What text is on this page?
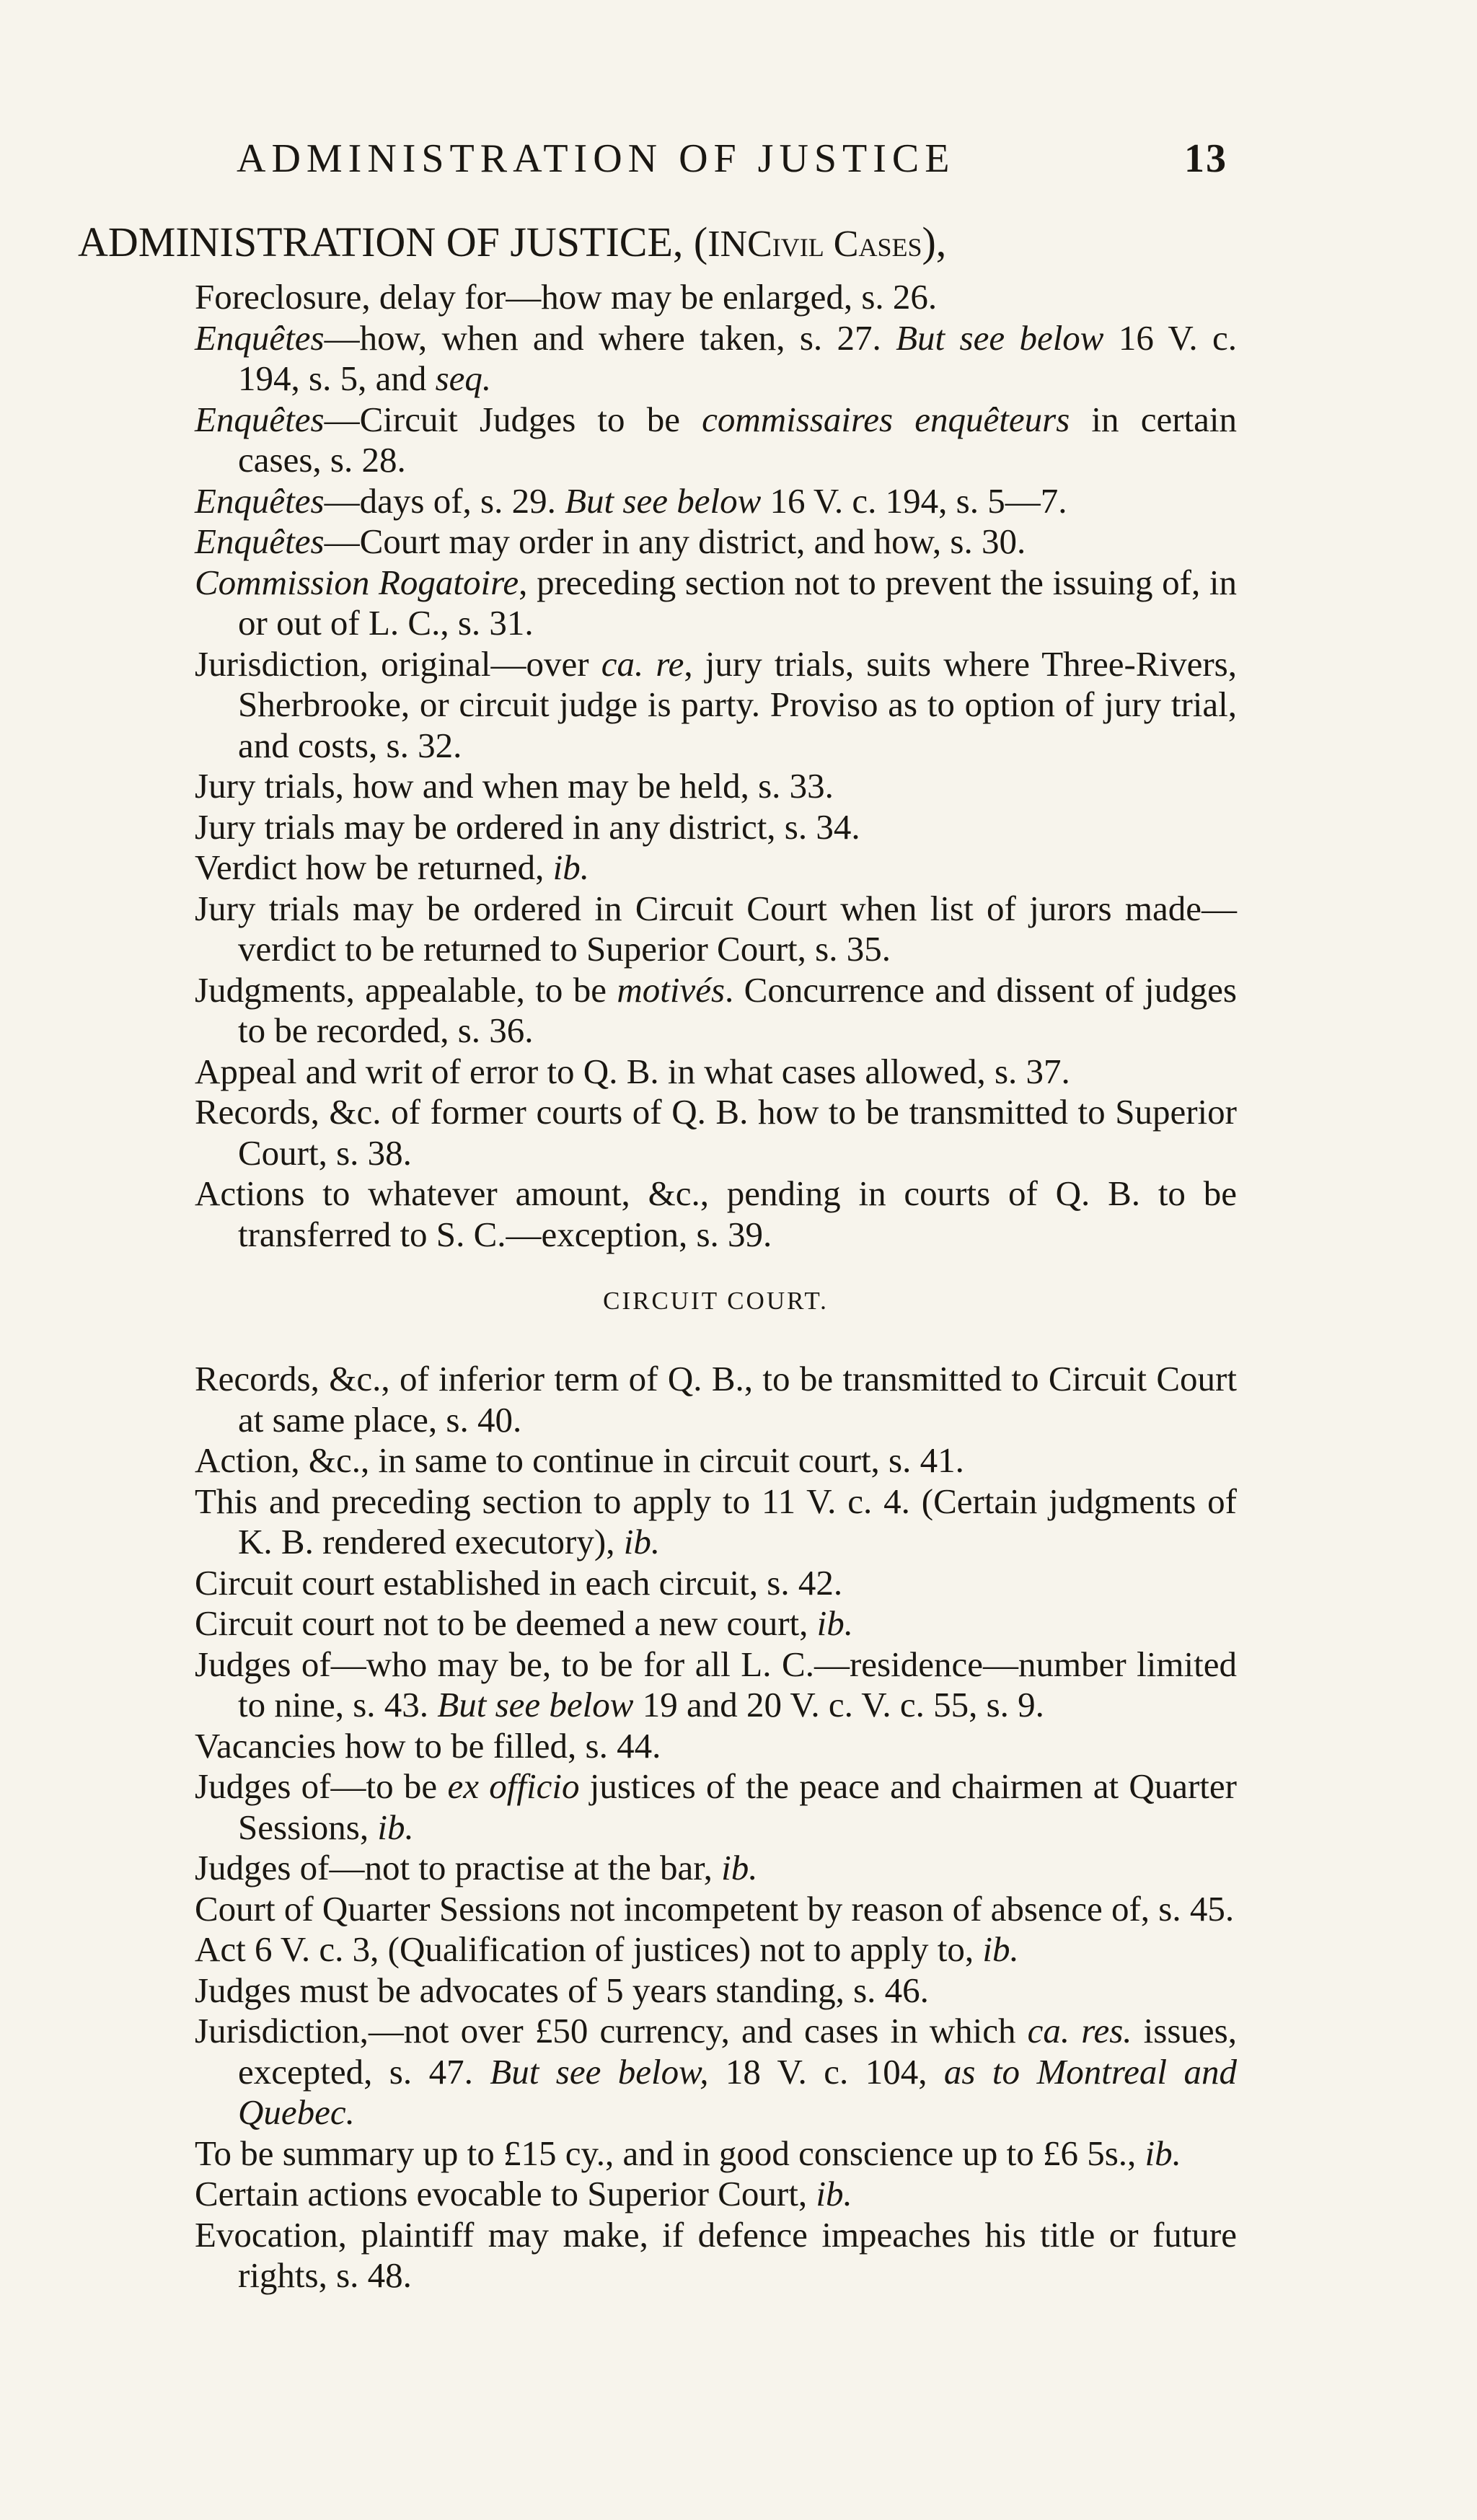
ADMINISTRATION OF JUSTICE	13
ADMINISTRATION OF JUSTICE, (INCivil Cases),

Foreclosure, delay for—how may be enlarged, s. 26.

Enquêtes—how, when and where taken, s. 27. But see below 16 V. c. 194, s. 5, and seq.

Enquêtes—Circuit Judges to be commissaires enquêteurs in certain cases, s. 28.

Enquêtes—days of, s. 29. But see below 16 V. c. 194, s. 5—7.

Enquêtes—Court may order in any district, and how, s. 30.

Commission Rogatoire, preceding section not to prevent the issuing of, in or out of L. C., s. 31.

Jurisdiction, original—over ca. re, jury trials, suits where Three-Rivers, Sherbrooke, or circuit judge is party. Proviso as to option of jury trial, and costs, s. 32.

Jury trials, how and when may be held, s. 33.

Jury trials may be ordered in any district, s. 34.

Verdict how be returned, ib.

Jury trials may be ordered in Circuit Court when list of jurors made—verdict to be returned to Superior Court, s. 35.

Judgments, appealable, to be motivés. Concurrence and dissent of judges to be recorded, s. 36.

Appeal and writ of error to Q. B. in what cases allowed, s. 37.

Records, &c. of former courts of Q. B. how to be transmitted to Superior Court, s. 38.

Actions to whatever amount, &c., pending in courts of Q. B. to be transferred to S. C.—exception, s. 39.

CIRCUIT COURT.

Records, &c., of inferior term of Q. B., to be transmitted to Circuit Court at same place, s. 40.

Action, &c., in same to continue in circuit court, s. 41.

This and preceding section to apply to 11 V. c. 4. (Certain judgments of K. B. rendered executory), ib.

Circuit court established in each circuit, s. 42.

Circuit court not to be deemed a new court, ib.

Judges of—who may be, to be for all L. C.—residence—number limited to nine, s. 43. But see below 19 and 20 V. c. V. c. 55, s. 9.

Vacancies how to be filled, s. 44.

Judges of—to be ex officio justices of the peace and chairmen at Quarter Sessions, ib.

Judges of—not to practise at the bar, ib.

Court of Quarter Sessions not incompetent by reason of absence of, s. 45.

Act 6 V. c. 3, (Qualification of justices) not to apply to, ib.

Judges must be advocates of 5 years standing, s. 46.

Jurisdiction,—not over £50 currency, and cases in which ca. res. issues, excepted, s. 47. But see below, 18 V. c. 104, as to Montreal and Quebec.

To be summary up to £15 cy., and in good conscience up to £6 5s., ib.

Certain actions evocable to Superior Court, ib.

Evocation, plaintiff may make, if defence impeaches his title or future rights, s. 48.
